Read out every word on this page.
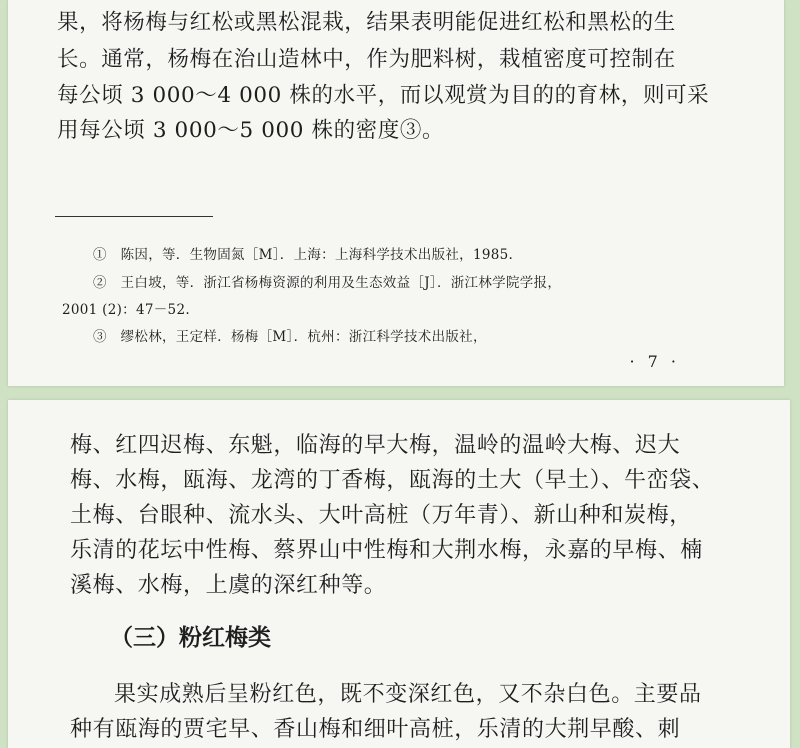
果，将杨梅与红松或黑松混栽，结果表明能促进红松和黑松的生
长。通常，杨梅在治山造林中，作为肥料树，栽植密度可控制在
每公顷 3 000～4 000 株的水平，而以观赏为目的的育林，则可采
用每公顷 3 000～5 000 株的密度③。
①　陈因，等．生物固氮［M］．上海：上海科学技术出版社，1985.
②　王白坡，等．浙江省杨梅资源的利用及生态效益［J］．浙江林学院学报，
2001 (2)：47－52.
③　缪松林，王定样．杨梅［M］．杭州：浙江科学技术出版社，
· 7 ·
梅、红四迟梅、东魁，临海的早大梅，温岭的温岭大梅、迟大
梅、水梅，瓯海、龙湾的丁香梅，瓯海的土大（早土）、牛峦袋、
土梅、台眼种、流水头、大叶高桩（万年青）、新山种和炭梅，
乐清的花坛中性梅、蔡界山中性梅和大荆水梅，永嘉的早梅、楠
溪梅、水梅，上虞的深红种等。
（三）粉红梅类
果实成熟后呈粉红色，既不变深红色，又不杂白色。主要品
种有瓯海的贾宅早、香山梅和细叶高桩，乐清的大荆早酸、刺
